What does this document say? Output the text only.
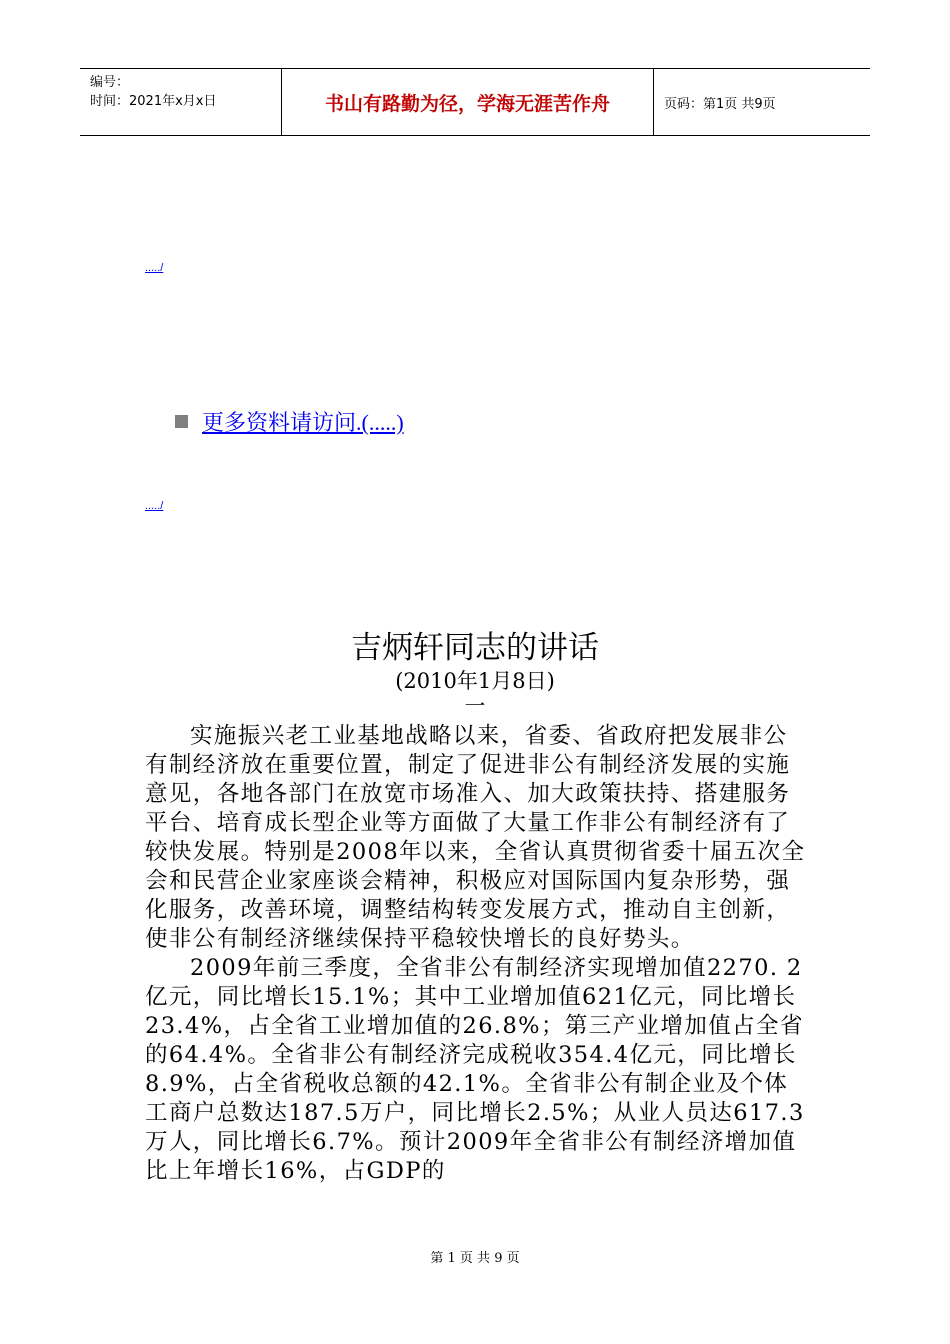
编号：
时间：2021年x月x日	书山有路勤为径，学海无涯苦作舟	页码：第1页 共9页
...../
更多资料请访问.(.....)
...../
吉炳轩同志的讲话
(2010年1月8日)
一

实施振兴老工业基地战略以来，省委、省政府把发展非公有制经济放在重要位置，制定了促进非公有制经济发展的实施意见，各地各部门在放宽市场准入、加大政策扶持、搭建服务平台、培育成长型企业等方面做了大量工作非公有制经济有了较快发展。特别是2008年以来，全省认真贯彻省委十届五次全会和民营企业家座谈会精神，积极应对国际国内复杂形势，强化服务，改善环境，调整结构转变发展方式，推动自主创新，使非公有制经济继续保持平稳较快增长的良好势头。

2009年前三季度，全省非公有制经济实现增加值2270. 2亿元，同比增长15.1%；其中工业增加值621亿元，同比增长23.4%，占全省工业增加值的26.8%；第三产业增加值占全省的64.4%。全省非公有制经济完成税收354.4亿元，同比增长8.9%，占全省税收总额的42.1%。全省非公有制企业及个体工商户总数达187.5万户，同比增长2.5%；从业人员达617.3万人，同比增长6.7%。预计2009年全省非公有制经济增加值比上年增长16%，占GDP的

第 1 页 共 9 页
